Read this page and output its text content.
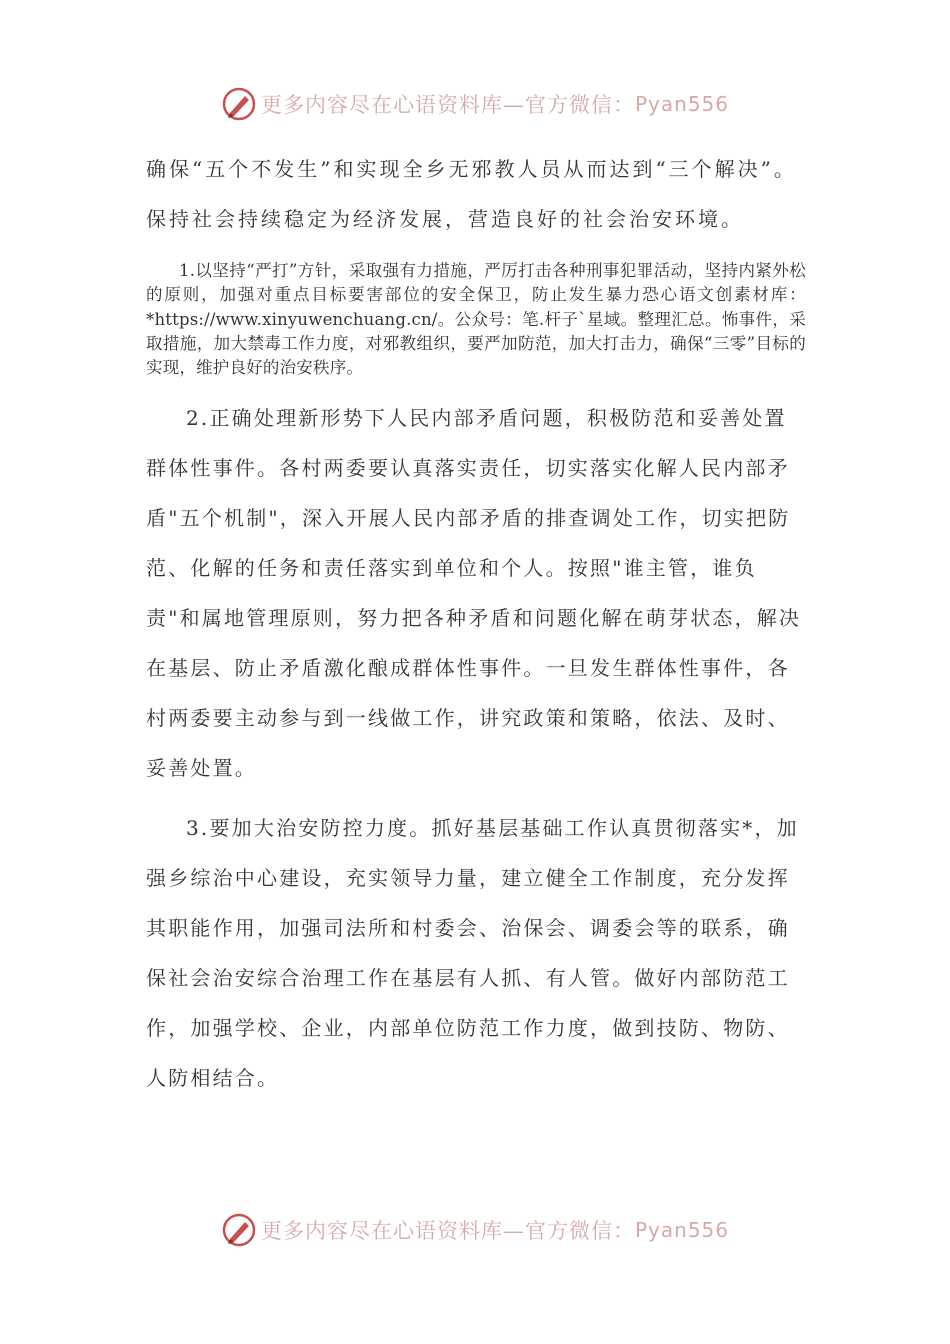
更多内容尽在心语资料库—官方微信： Pyan556

确保“五个不发生”和实现全乡无邪教人员从而达到“三个解决”。保持社会持续稳定为经济发展，营造良好的社会治安环境。

1.以坚持“严打”方针，采取强有力措施，严厉打击各种刑事犯罪活动，坚持内紧外松的原则，加强对重点目标要害部位的安全保卫，防止发生暴力恐心语文创素材库：*https://www.xinyuwenchuang.cn/。公众号：笔.杆子`星域。整理汇总。怖事件，采取措施，加大禁毒工作力度，对邪教组织，要严加防范，加大打击力，确保“三零”目标的实现，维护良好的治安秩序。

2.正确处理新形势下人民内部矛盾问题，积极防范和妥善处置群体性事件。各村两委要认真落实责任，切实落实化解人民内部矛盾"五个机制"，深入开展人民内部矛盾的排查调处工作，切实把防范、化解的任务和责任落实到单位和个人。按照"谁主管，谁负责"和属地管理原则，努力把各种矛盾和问题化解在萌芽状态，解决在基层、防止矛盾激化酿成群体性事件。一旦发生群体性事件，各村两委要主动参与到一线做工作，讲究政策和策略，依法、及时、妥善处置。

3.要加大治安防控力度。抓好基层基础工作认真贯彻落实*，加强乡综治中心建设，充实领导力量，建立健全工作制度，充分发挥其职能作用，加强司法所和村委会、治保会、调委会等的联系，确保社会治安综合治理工作在基层有人抓、有人管。做好内部防范工作，加强学校、企业，内部单位防范工作力度，做到技防、物防、人防相结合。

更多内容尽在心语资料库—官方微信： Pyan556
